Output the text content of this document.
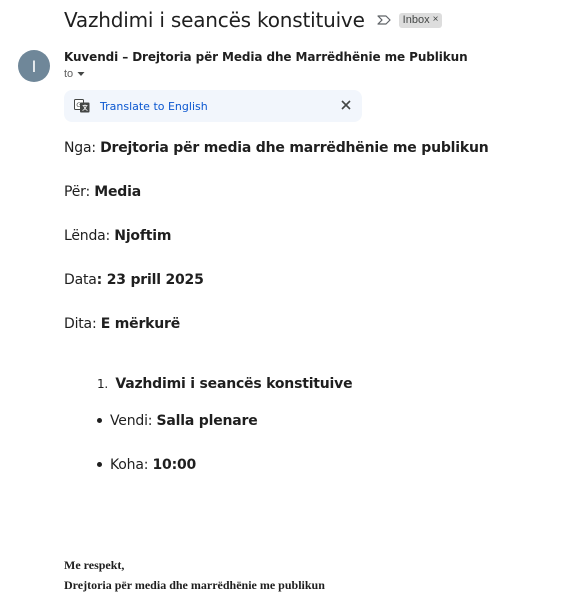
Vazhdimi i seancës konstituive	Inbox ×
I Kuvendi – Drejtoria për Media dhe Marrëdhënie me Publikun
to
G Translate to English
Nga: Drejtoria për media dhe marrëdhënie me publikun
Për: Media
Lënda: Njoftim
Data: 23 prill 2025
Dita: E mërkurë
1. Vazhdimi i seancës konstituive
Vendi: Salla plenare
Koha: 10:00
Me respekt,
Drejtoria për media dhe marrëdhënie me publikun
